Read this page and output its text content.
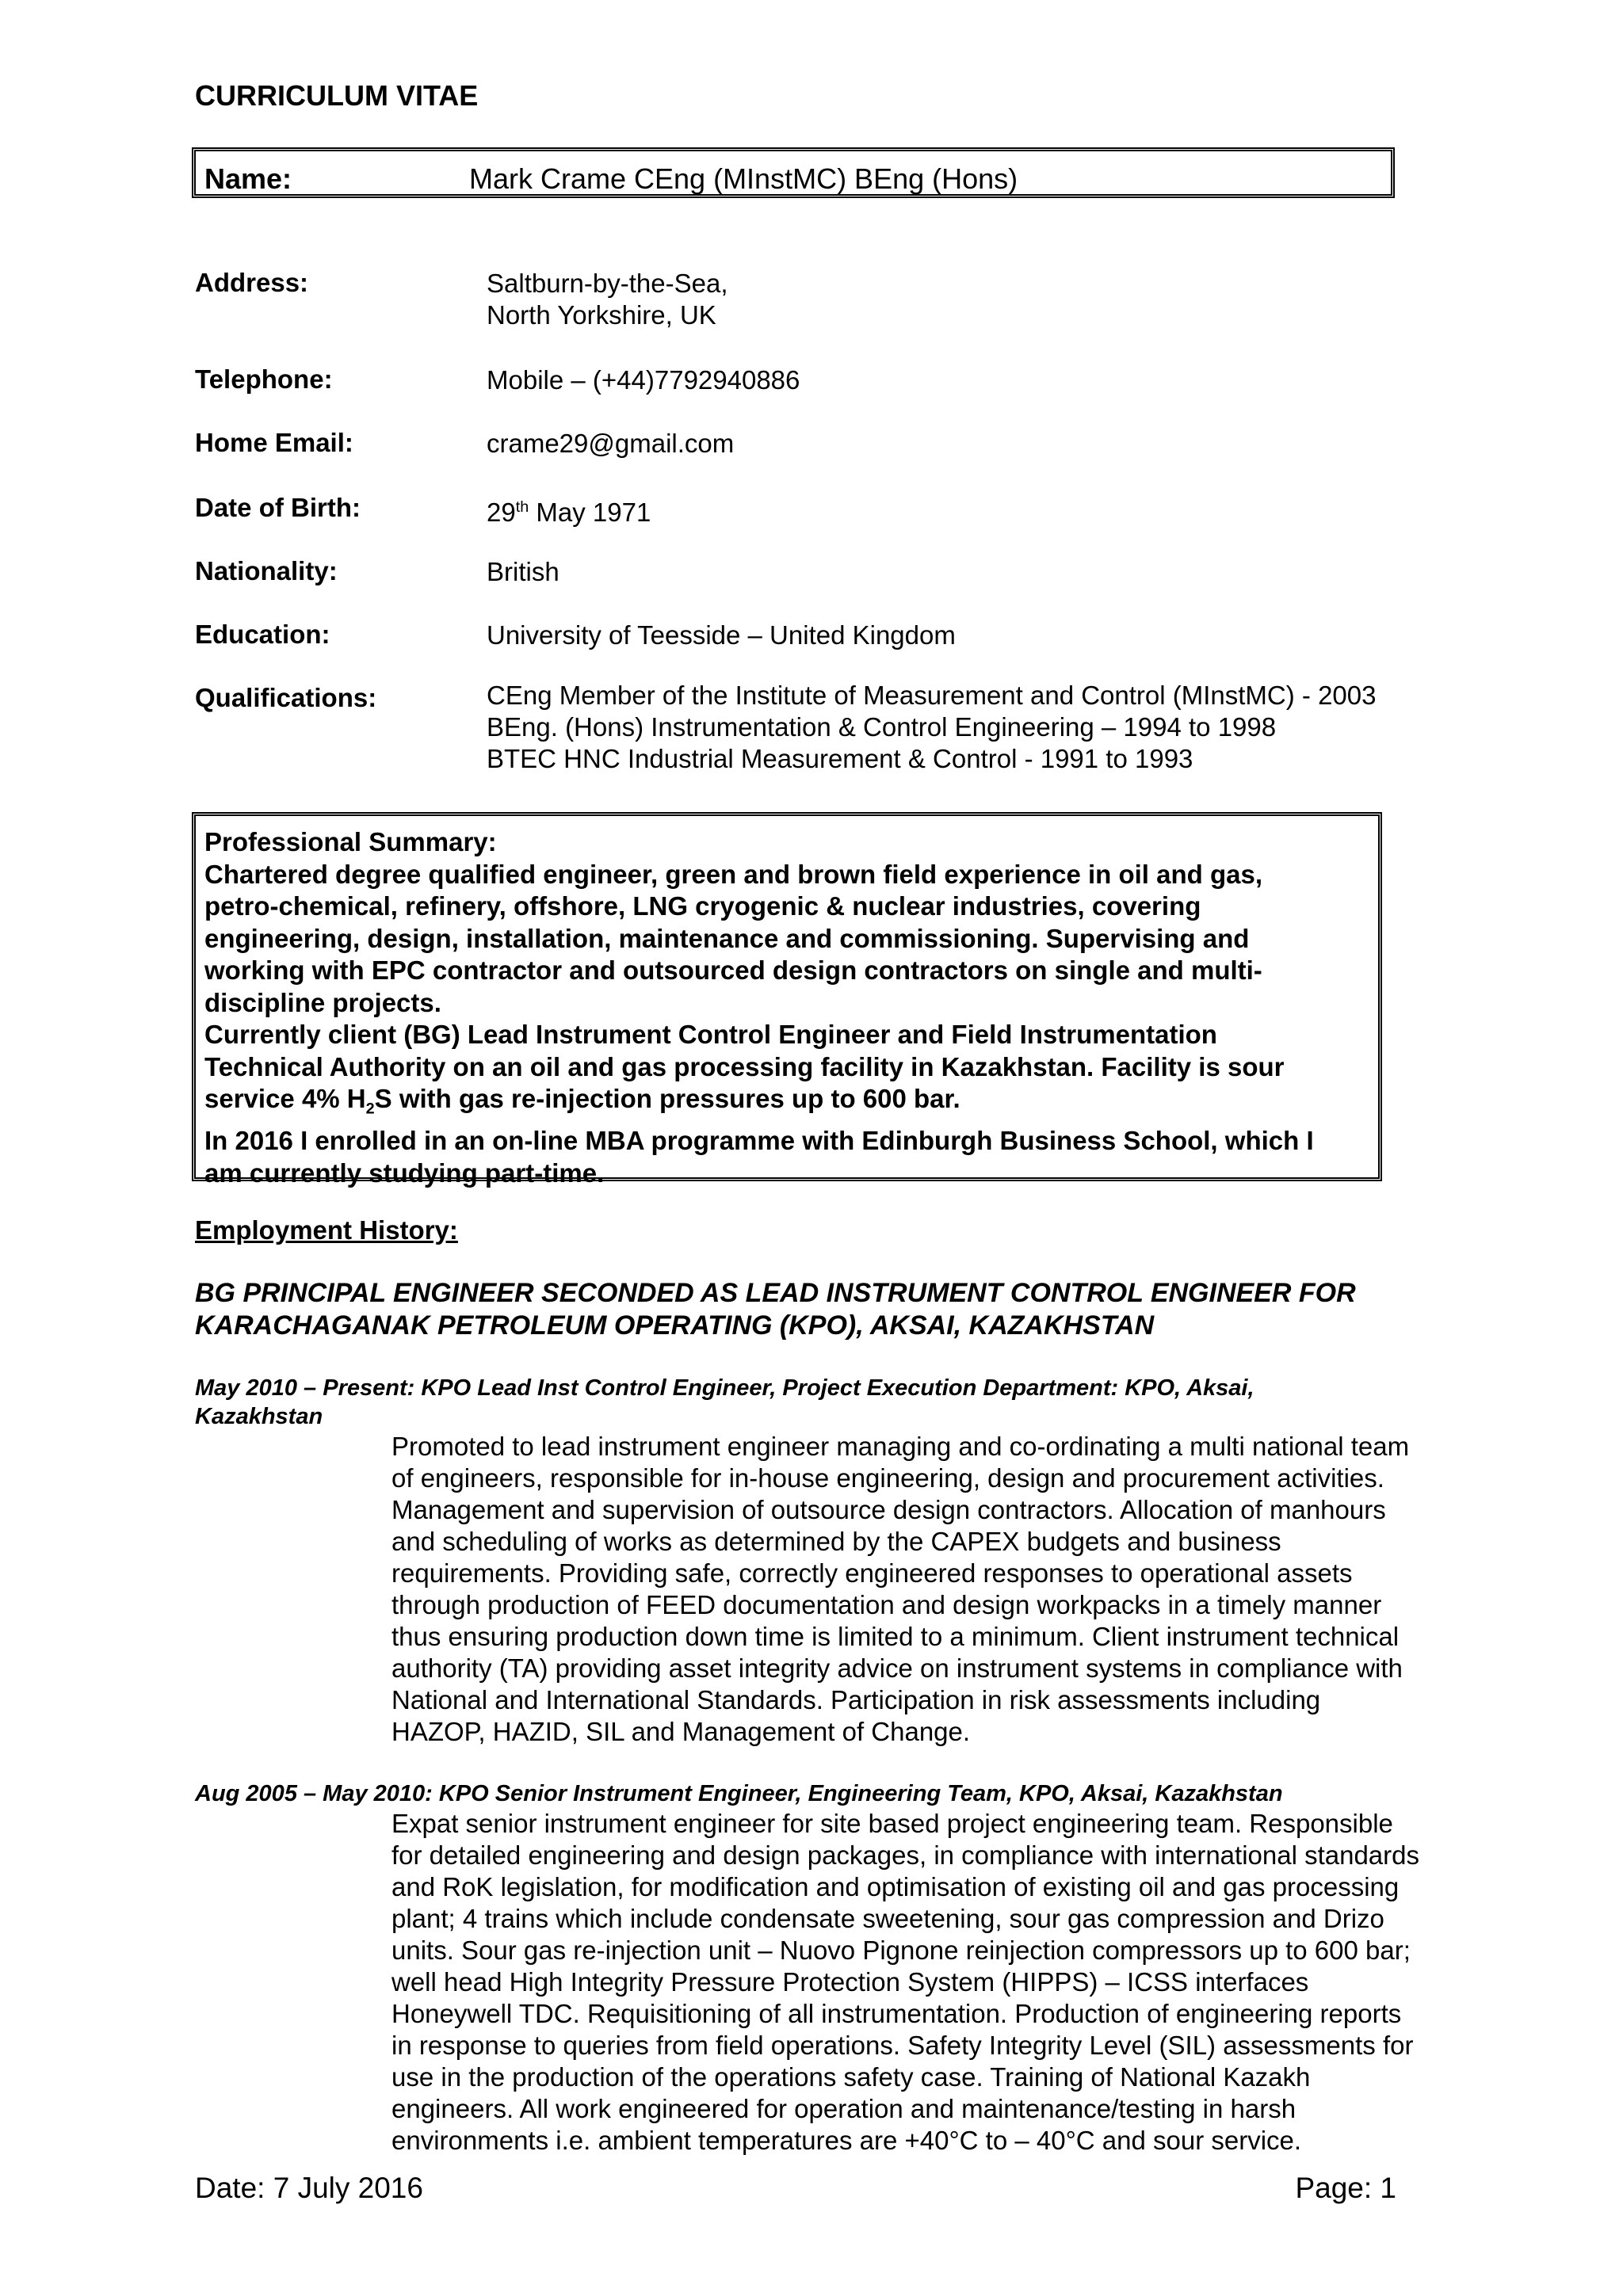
CURRICULUM VITAE
Name:	Mark Crame CEng (MInstMC) BEng (Hons)
Address:	Saltburn-by-the-Sea,
North Yorkshire, UK
Telephone:	Mobile – (+44)7792940886
Home Email:	crame29@gmail.com
Date of Birth:	29th May 1971
Nationality:	British
Education:	University of Teesside – United Kingdom
Qualifications:	CEng Member of the Institute of Measurement and Control (MInstMC) - 2003
BEng. (Hons) Instrumentation & Control Engineering – 1994 to 1998
BTEC HNC Industrial Measurement & Control - 1991 to 1993
Professional Summary:
Chartered degree qualified engineer, green and brown field experience in oil and gas,
petro-chemical, refinery, offshore, LNG cryogenic & nuclear industries, covering
engineering, design, installation, maintenance and commissioning. Supervising and
working with EPC contractor and outsourced design contractors on single and multi-
discipline projects.
Currently client (BG) Lead Instrument Control Engineer and Field Instrumentation
Technical Authority on an oil and gas processing facility in Kazakhstan. Facility is sour
service 4% $H_2S$ with gas re-injection pressures up to 600 bar.
In 2016 I enrolled in an on-line MBA programme with Edinburgh Business School, which I
am currently studying part-time.
Employment History:
BG PRINCIPAL ENGINEER SECONDED AS LEAD INSTRUMENT CONTROL ENGINEER FOR
KARACHAGANAK PETROLEUM OPERATING (KPO), AKSAI, KAZAKHSTAN
May 2010 – Present: KPO Lead Inst Control Engineer, Project Execution Department: KPO, Aksai,
Kazakhstan
Promoted to lead instrument engineer managing and co-ordinating a multi national team
of engineers, responsible for in-house engineering, design and procurement activities.
Management and supervision of outsource design contractors. Allocation of manhours
and scheduling of works as determined by the CAPEX budgets and business
requirements. Providing safe, correctly engineered responses to operational assets
through production of FEED documentation and design workpacks in a timely manner
thus ensuring production down time is limited to a minimum. Client instrument technical
authority (TA) providing asset integrity advice on instrument systems in compliance with
National and International Standards. Participation in risk assessments including
HAZOP, HAZID, SIL and Management of Change.
Aug 2005 – May 2010: KPO Senior Instrument Engineer, Engineering Team, KPO, Aksai, Kazakhstan
Expat senior instrument engineer for site based project engineering team. Responsible
for detailed engineering and design packages, in compliance with international standards
and RoK legislation, for modification and optimisation of existing oil and gas processing
plant; 4 trains which include condensate sweetening, sour gas compression and Drizo
units. Sour gas re-injection unit – Nuovo Pignone reinjection compressors up to 600 bar;
well head High Integrity Pressure Protection System (HIPPS) – ICSS interfaces
Honeywell TDC. Requisitioning of all instrumentation. Production of engineering reports
in response to queries from field operations. Safety Integrity Level (SIL) assessments for
use in the production of the operations safety case. Training of National Kazakh
engineers. All work engineered for operation and maintenance/testing in harsh
environments i.e. ambient temperatures are +40°C to – 40°C and sour service.
Date: 7 July 2016	Page: 1
